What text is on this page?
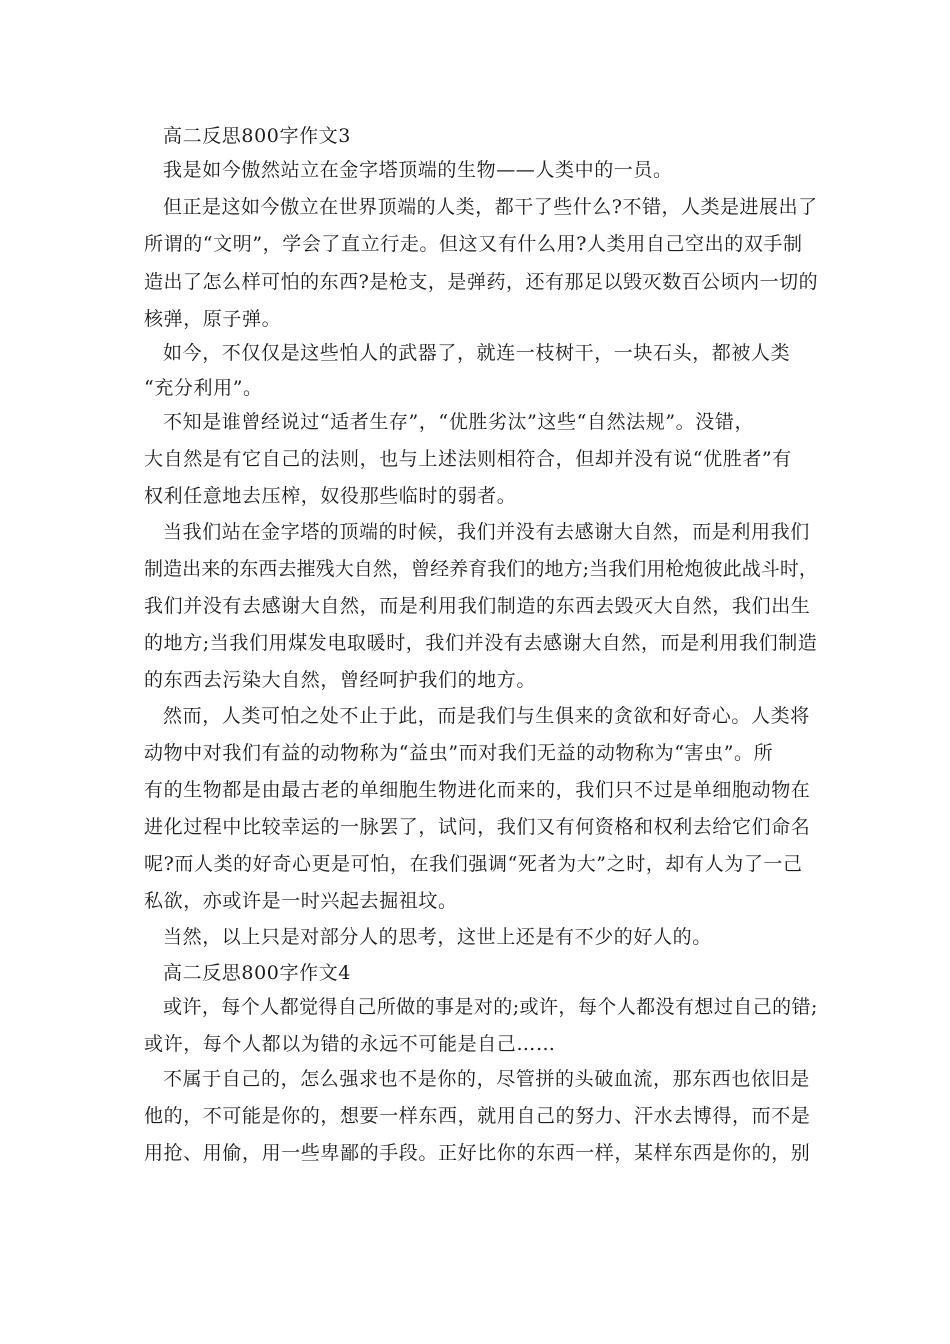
高二反思800字作文3
我是如今傲然站立在金字塔顶端的生物——人类中的一员。
但正是这如今傲立在世界顶端的人类，都干了些什么?不错，人类是进展出了
所谓的“文明”，学会了直立行走。但这又有什么用?人类用自己空出的双手制
造出了怎么样可怕的东西?是枪支，是弹药，还有那足以毁灭数百公顷内一切的
核弹，原子弹。
如今，不仅仅是这些怕人的武器了，就连一枝树干，一块石头，都被人类
“充分利用”。
不知是谁曾经说过“适者生存”，“优胜劣汰”这些“自然法规”。没错，
大自然是有它自己的法则，也与上述法则相符合，但却并没有说“优胜者”有
权利任意地去压榨，奴役那些临时的弱者。
当我们站在金字塔的顶端的时候，我们并没有去感谢大自然，而是利用我们
制造出来的东西去摧残大自然，曾经养育我们的地方;当我们用枪炮彼此战斗时，
我们并没有去感谢大自然，而是利用我们制造的东西去毁灭大自然，我们出生
的地方;当我们用煤发电取暖时，我们并没有去感谢大自然，而是利用我们制造
的东西去污染大自然，曾经呵护我们的地方。
然而，人类可怕之处不止于此，而是我们与生俱来的贪欲和好奇心。人类将
动物中对我们有益的动物称为“益虫”而对我们无益的动物称为“害虫”。所
有的生物都是由最古老的单细胞生物进化而来的，我们只不过是单细胞动物在
进化过程中比较幸运的一脉罢了，试问，我们又有何资格和权利去给它们命名
呢?而人类的好奇心更是可怕，在我们强调“死者为大”之时，却有人为了一己
私欲，亦或许是一时兴起去掘祖坟。
当然，以上只是对部分人的思考，这世上还是有不少的好人的。
高二反思800字作文4
或许，每个人都觉得自己所做的事是对的;或许，每个人都没有想过自己的错;
或许，每个人都以为错的永远不可能是自己……
不属于自己的，怎么强求也不是你的，尽管拼的头破血流，那东西也依旧是
他的，不可能是你的，想要一样东西，就用自己的努力、汗水去博得，而不是
用抢、用偷，用一些卑鄙的手段。正好比你的东西一样，某样东西是你的，别
